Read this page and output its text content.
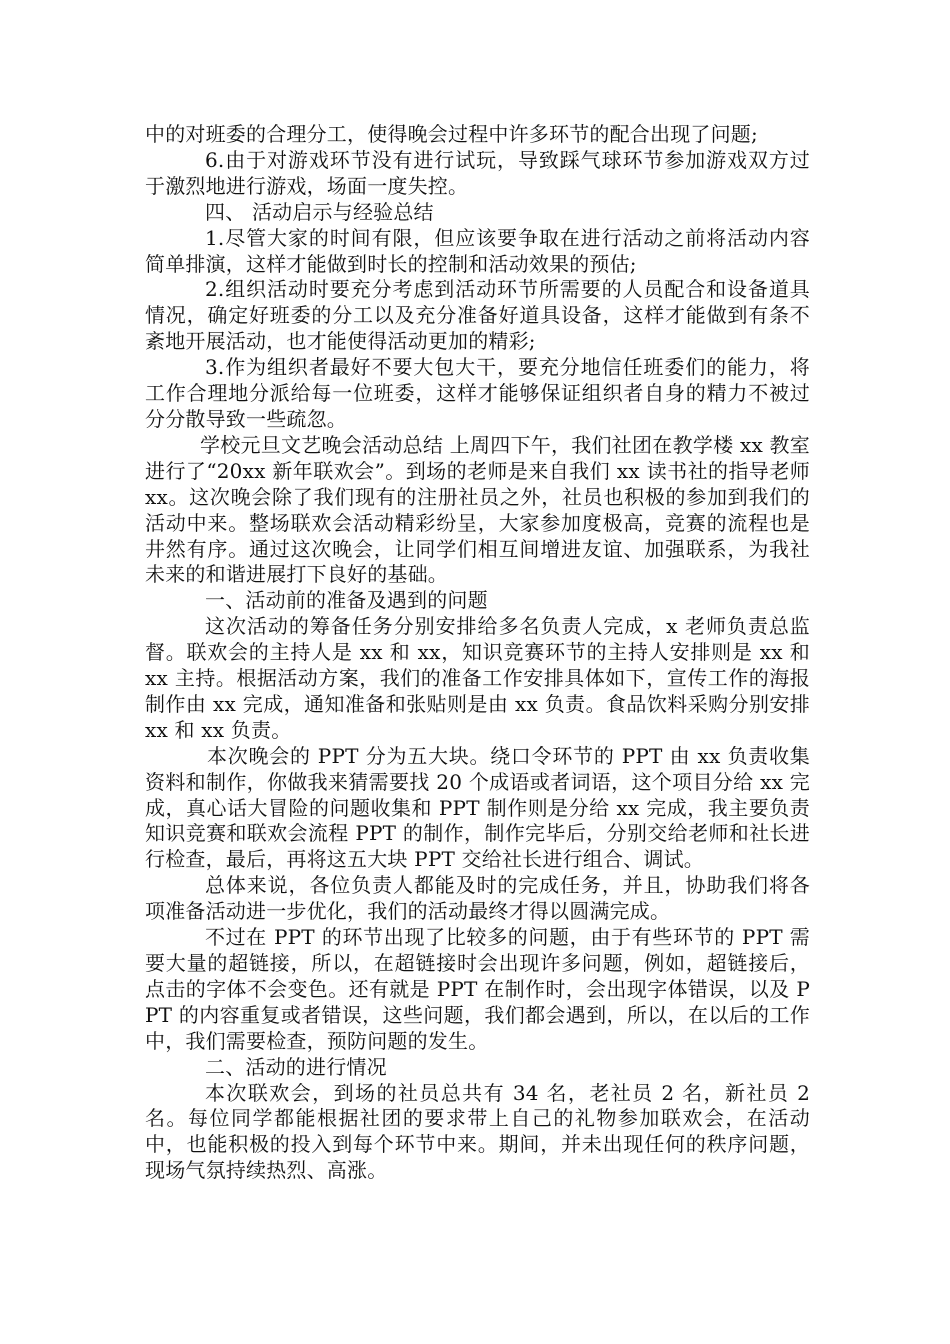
中的对班委的合理分工，使得晚会过程中许多环节的配合出现了问题;

6.由于对游戏环节没有进行试玩，导致踩气球环节参加游戏双方过于激烈地进行游戏，场面一度失控。

四、 活动启示与经验总结

1.尽管大家的时间有限，但应该要争取在进行活动之前将活动内容简单排演，这样才能做到时长的控制和活动效果的预估;

2.组织活动时要充分考虑到活动环节所需要的人员配合和设备道具情况，确定好班委的分工以及充分准备好道具设备，这样才能做到有条不紊地开展活动，也才能使得活动更加的精彩;

3.作为组织者最好不要大包大干，要充分地信任班委们的能力，将工作合理地分派给每一位班委，这样才能够保证组织者自身的精力不被过分分散导致一些疏忽。

学校元旦文艺晚会活动总结 上周四下午，我们社团在教学楼 xx 教室进行了“20xx 新年联欢会”。到场的老师是来自我们 xx 读书社的指导老师 xx。这次晚会除了我们现有的注册社员之外，社员也积极的参加到我们的活动中来。整场联欢会活动精彩纷呈，大家参加度极高，竞赛的流程也是井然有序。通过这次晚会，让同学们相互间增进友谊、加强联系，为我社未来的和谐进展打下良好的基础。

一、活动前的准备及遇到的问题

这次活动的筹备任务分别安排给多名负责人完成，x 老师负责总监督。联欢会的主持人是 xx 和 xx，知识竞赛环节的主持人安排则是 xx 和 xx 主持。根据活动方案，我们的准备工作安排具体如下，宣传工作的海报制作由 xx 完成，通知准备和张贴则是由 xx 负责。食品饮料采购分别安排 xx 和 xx 负责。

本次晚会的 PPT 分为五大块。绕口令环节的 PPT 由 xx 负责收集资料和制作，你做我来猜需要找 20 个成语或者词语，这个项目分给 xx 完成，真心话大冒险的问题收集和 PPT 制作则是分给 xx 完成，我主要负责知识竞赛和联欢会流程 PPT 的制作，制作完毕后，分别交给老师和社长进行检查，最后，再将这五大块 PPT 交给社长进行组合、调试。

总体来说，各位负责人都能及时的完成任务，并且，协助我们将各项准备活动进一步优化，我们的活动最终才得以圆满完成。

不过在 PPT 的环节出现了比较多的问题，由于有些环节的 PPT 需要大量的超链接，所以，在超链接时会出现许多问题，例如，超链接后，点击的字体不会变色。还有就是 PPT 在制作时，会出现字体错误，以及 PPT 的内容重复或者错误，这些问题，我们都会遇到，所以，在以后的工作中，我们需要检查，预防问题的发生。

二、活动的进行情况

本次联欢会，到场的社员总共有 34 名，老社员 2 名，新社员 2 名。每位同学都能根据社团的要求带上自己的礼物参加联欢会，在活动中，也能积极的投入到每个环节中来。期间，并未出现任何的秩序问题，现场气氛持续热烈、高涨。
